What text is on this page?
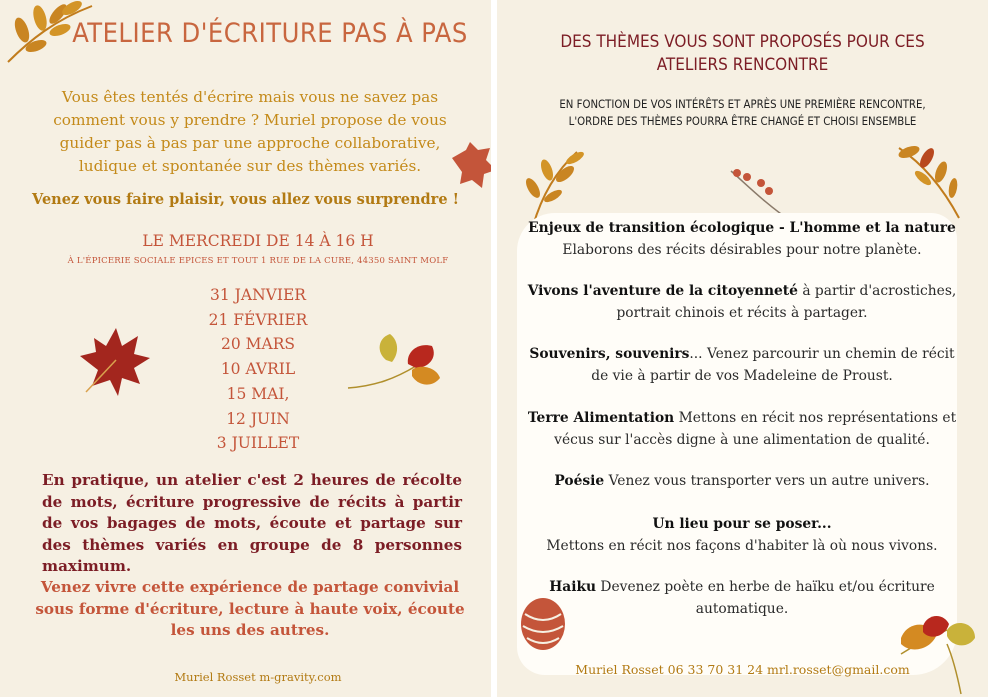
ATELIER D'ÉCRITURE PAS À PAS
Vous êtes tentés d'écrire mais vous ne savez pas comment vous y prendre ? Muriel propose de vous guider pas à pas par une approche collaborative, ludique et spontanée sur des thèmes variés.
Venez vous faire plaisir, vous allez vous surprendre !
LE MERCREDI DE 14 À 16 H
À L'ÉPICERIE SOCIALE EPICES ET TOUT 1 RUE DE LA CURE, 44350 SAINT MOLF
31 JANVIER
21 FÉVRIER
20 MARS
10 AVRIL
15 MAI,
12 JUIN
3 JUILLET
En pratique, un atelier c'est 2 heures de récolte de mots, écriture progressive de récits à partir de vos bagages de mots, écoute et partage sur des thèmes variés en groupe de 8 personnes maximum.
Venez vivre cette expérience de partage convivial sous forme d'écriture, lecture à haute voix, écoute les uns des autres.
Muriel Rosset m-gravity.com
DES THÈMES VOUS SONT PROPOSÉS POUR CES
ATELIERS RENCONTRE
EN FONCTION DE VOS INTÉRÊTS ET APRÈS UNE PREMIÈRE RENCONTRE,
L'ORDRE DES THÈMES POURRA ÊTRE CHANGÉ ET CHOISI ENSEMBLE
Enjeux de transition écologique - L'homme et la nature
Elaborons des récits désirables pour notre planète.
Vivons l'aventure de la citoyenneté à partir d'acrostiches, portrait chinois et récits à partager.
Souvenirs, souvenirs... Venez parcourir un chemin de récit de vie à partir de vos Madeleine de Proust.
Terre Alimentation Mettons en récit nos représentations et vécus sur l'accès digne à une alimentation de qualité.
Poésie Venez vous transporter vers un autre univers.
Un lieu pour se poser...
Mettons en récit nos façons d'habiter là où nous vivons.
Haiku Devenez poète en herbe de haïku et/ou écriture automatique.
Muriel Rosset 06 33 70 31 24 mrl.rosset@gmail.com
